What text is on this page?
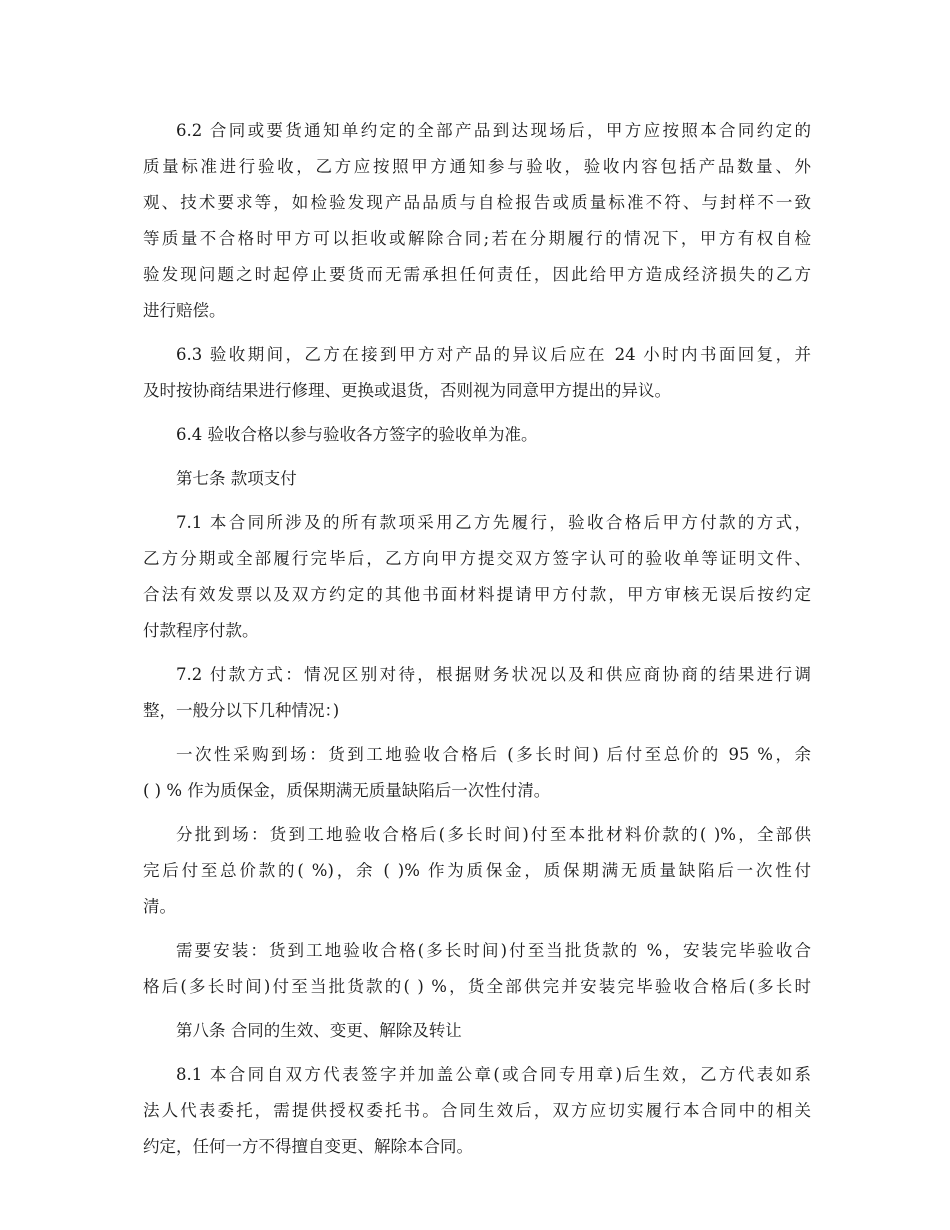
6.2 合同或要货通知单约定的全部产品到达现场后，甲方应按照本合同约定的
质量标准进行验收，乙方应按照甲方通知参与验收，验收内容包括产品数量、外
观、技术要求等，如检验发现产品品质与自检报告或质量标准不符、与封样不一致
等质量不合格时甲方可以拒收或解除合同;若在分期履行的情况下，甲方有权自检
验发现问题之时起停止要货而无需承担任何责任，因此给甲方造成经济损失的乙方
进行赔偿。
6.3 验收期间，乙方在接到甲方对产品的异议后应在 24 小时内书面回复，并
及时按协商结果进行修理、更换或退货，否则视为同意甲方提出的异议。
6.4 验收合格以参与验收各方签字的验收单为准。
第七条 款项支付
7.1 本合同所涉及的所有款项采用乙方先履行，验收合格后甲方付款的方式，
乙方分期或全部履行完毕后，乙方向甲方提交双方签字认可的验收单等证明文件、
合法有效发票以及双方约定的其他书面材料提请甲方付款，甲方审核无误后按约定
付款程序付款。
7.2 付款方式：情况区别对待，根据财务状况以及和供应商协商的结果进行调
整，一般分以下几种情况：)
一次性采购到场：货到工地验收合格后 (多长时间) 后付至总价的 95 %，余
( ) % 作为质保金，质保期满无质量缺陷后一次性付清。
分批到场：货到工地验收合格后(多长时间)付至本批材料价款的( )%，全部供
完后付至总价款的( %)，余 ( )% 作为质保金，质保期满无质量缺陷后一次性付
清。
需要安装：货到工地验收合格(多长时间)付至当批货款的 %，安装完毕验收合
格后(多长时间)付至当批货款的( ) %，货全部供完并安装完毕验收合格后(多长时
第八条 合同的生效、变更、解除及转让
8.1 本合同自双方代表签字并加盖公章(或合同专用章)后生效，乙方代表如系
法人代表委托，需提供授权委托书。合同生效后，双方应切实履行本合同中的相关
约定，任何一方不得擅自变更、解除本合同。
